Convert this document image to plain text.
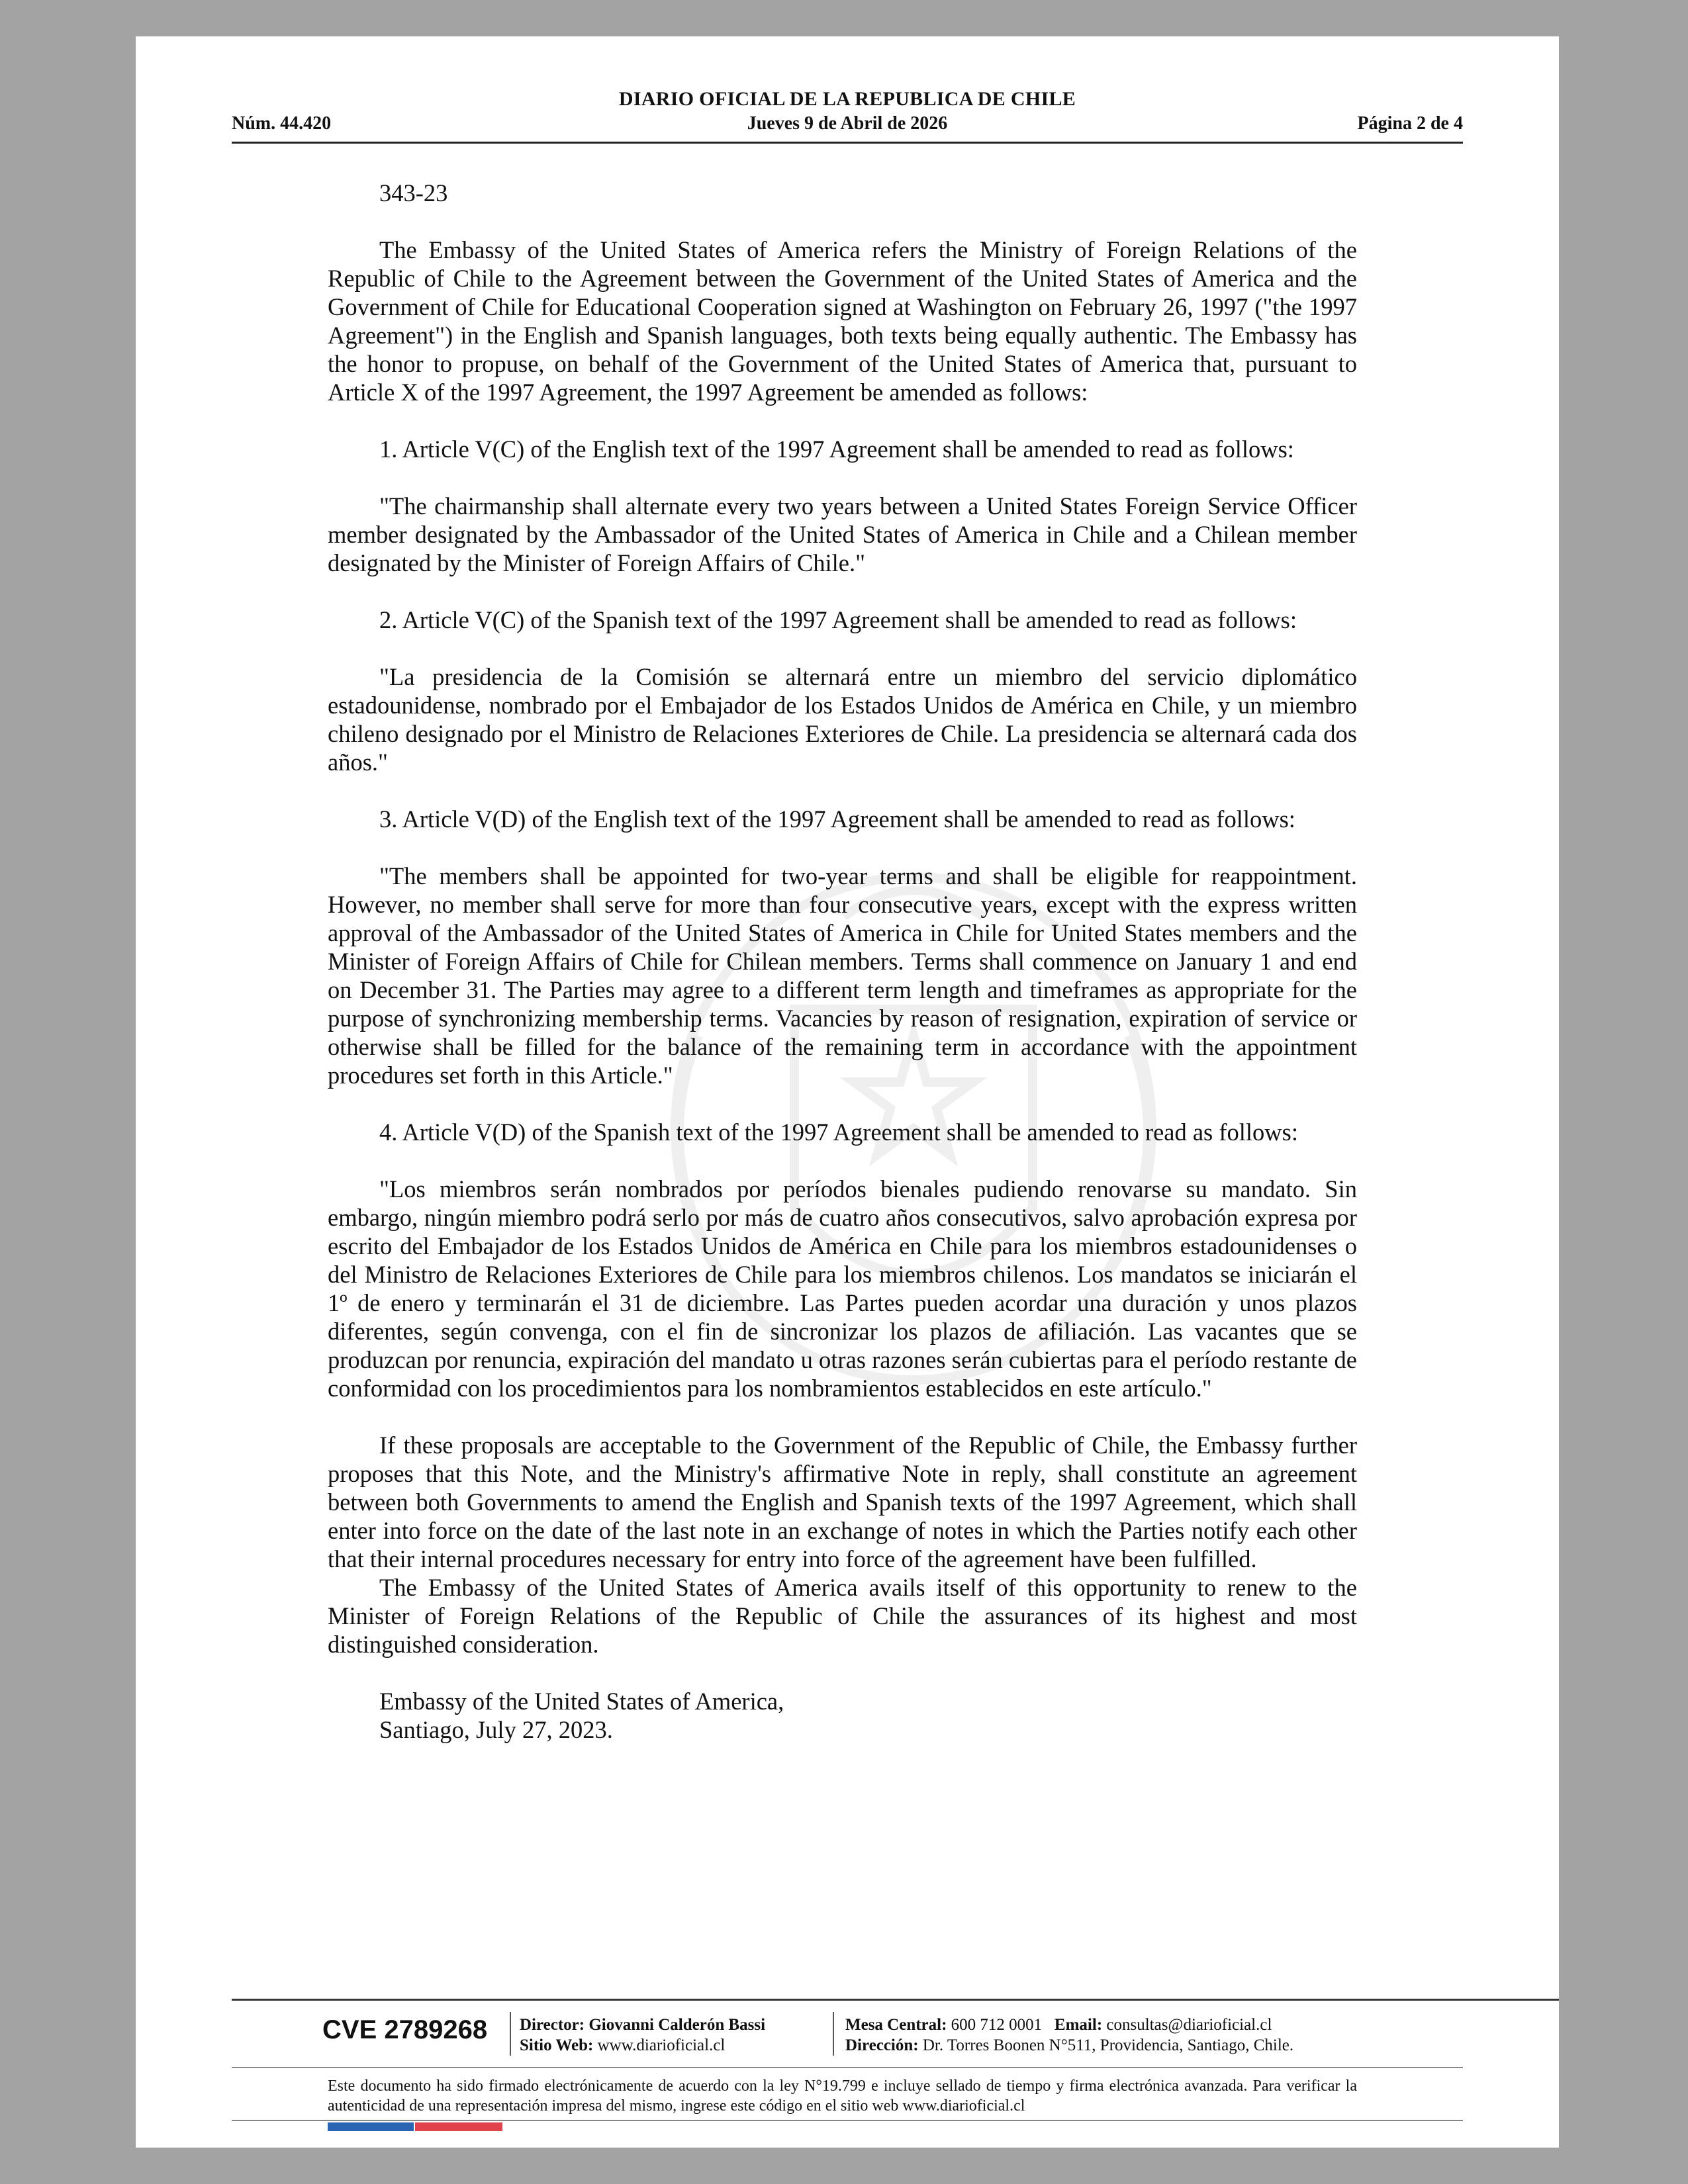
DIARIO OFICIAL DE LA REPUBLICA DE CHILE
Núm. 44.420	Jueves 9 de Abril de 2026	Página 2 de 4

343-23

The Embassy of the United States of America refers the Ministry of Foreign Relations of the Republic of Chile to the Agreement between the Government of the United States of America and the Government of Chile for Educational Cooperation signed at Washington on February 26, 1997 ("the 1997 Agreement") in the English and Spanish languages, both texts being equally authentic. The Embassy has the honor to propuse, on behalf of the Government of the United States of America that, pursuant to Article X of the 1997 Agreement, the 1997 Agreement be amended as follows:

1. Article V(C) of the English text of the 1997 Agreement shall be amended to read as follows:

"The chairmanship shall alternate every two years between a United States Foreign Service Officer member designated by the Ambassador of the United States of America in Chile and a Chilean member designated by the Minister of Foreign Affairs of Chile."

2. Article V(C) of the Spanish text of the 1997 Agreement shall be amended to read as follows:

"La presidencia de la Comisión se alternará entre un miembro del servicio diplomático estadounidense, nombrado por el Embajador de los Estados Unidos de América en Chile, y un miembro chileno designado por el Ministro de Relaciones Exteriores de Chile. La presidencia se alternará cada dos años."

3. Article V(D) of the English text of the 1997 Agreement shall be amended to read as follows:

"The members shall be appointed for two-year terms and shall be eligible for reappointment. However, no member shall serve for more than four consecutive years, except with the express written approval of the Ambassador of the United States of America in Chile for United States members and the Minister of Foreign Affairs of Chile for Chilean members. Terms shall commence on January 1 and end on December 31. The Parties may agree to a different term length and timeframes as appropriate for the purpose of synchronizing membership terms. Vacancies by reason of resignation, expiration of service or otherwise shall be filled for the balance of the remaining term in accordance with the appointment procedures set forth in this Article."

4. Article V(D) of the Spanish text of the 1997 Agreement shall be amended to read as follows:

"Los miembros serán nombrados por períodos bienales pudiendo renovarse su mandato. Sin embargo, ningún miembro podrá serlo por más de cuatro años consecutivos, salvo aprobación expresa por escrito del Embajador de los Estados Unidos de América en Chile para los miembros estadounidenses o del Ministro de Relaciones Exteriores de Chile para los miembros chilenos. Los mandatos se iniciarán el 1º de enero y terminarán el 31 de diciembre. Las Partes pueden acordar una duración y unos plazos diferentes, según convenga, con el fin de sincronizar los plazos de afiliación. Las vacantes que se produzcan por renuncia, expiración del mandato u otras razones serán cubiertas para el período restante de conformidad con los procedimientos para los nombramientos establecidos en este artículo."

If these proposals are acceptable to the Government of the Republic of Chile, the Embassy further proposes that this Note, and the Ministry's affirmative Note in reply, shall constitute an agreement between both Governments to amend the English and Spanish texts of the 1997 Agreement, which shall enter into force on the date of the last note in an exchange of notes in which the Parties notify each other that their internal procedures necessary for entry into force of the agreement have been fulfilled.

The Embassy of the United States of America avails itself of this opportunity to renew to the Minister of Foreign Relations of the Republic of Chile the assurances of its highest and most distinguished consideration.

Embassy of the United States of America,

Santiago, July 27, 2023.

CVE 2789268 Director: Giovanni Calderón Bassi
Sitio Web: www.diarioficial.cl
Mesa Central: 600 712 0001 Email: consultas@diarioficial.cl
Dirección: Dr. Torres Boonen N°511, Providencia, Santiago, Chile.
Este documento ha sido firmado electrónicamente de acuerdo con la ley N°19.799 e incluye sellado de tiempo y firma electrónica avanzada. Para verificar la autenticidad de una representación impresa del mismo, ingrese este código en el sitio web www.diarioficial.cl
